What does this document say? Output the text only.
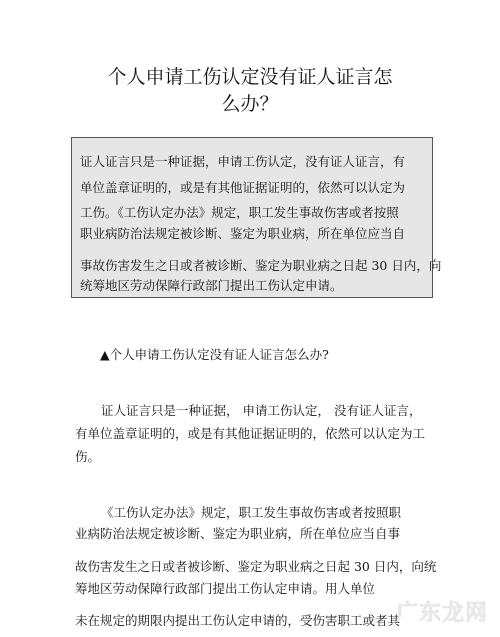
个人申请工伤认定没有证人证言怎
么办？
证人证言只是一种证据，申请工伤认定，没有证人证言，有
单位盖章证明的，或是有其他证据证明的，依然可以认定为
工伤。《工伤认定办法》规定，职工发生事故伤害或者按照
职业病防治法规定被诊断、鉴定为职业病，所在单位应当自
事故伤害发生之日或者被诊断、鉴定为职业病之日起 30 日内，向
统筹地区劳动保障行政部门提出工伤认定申请。
▲个人申请工伤认定没有证人证言怎么办?
证人证言只是一种证据， 申请工伤认定， 没有证人证言，
有单位盖章证明的，或是有其他证据证明的，依然可以认定为工
伤。
《工伤认定办法》规定，职工发生事故伤害或者按照职
业病防治法规定被诊断、鉴定为职业病，所在单位应当自事
故伤害发生之日或者被诊断、鉴定为职业病之日起 30 日内，向统
筹地区劳动保障行政部门提出工伤认定申请。用人单位
未在规定的期限内提出工伤认定申请的，受伤害职工或者其
广东龙网
